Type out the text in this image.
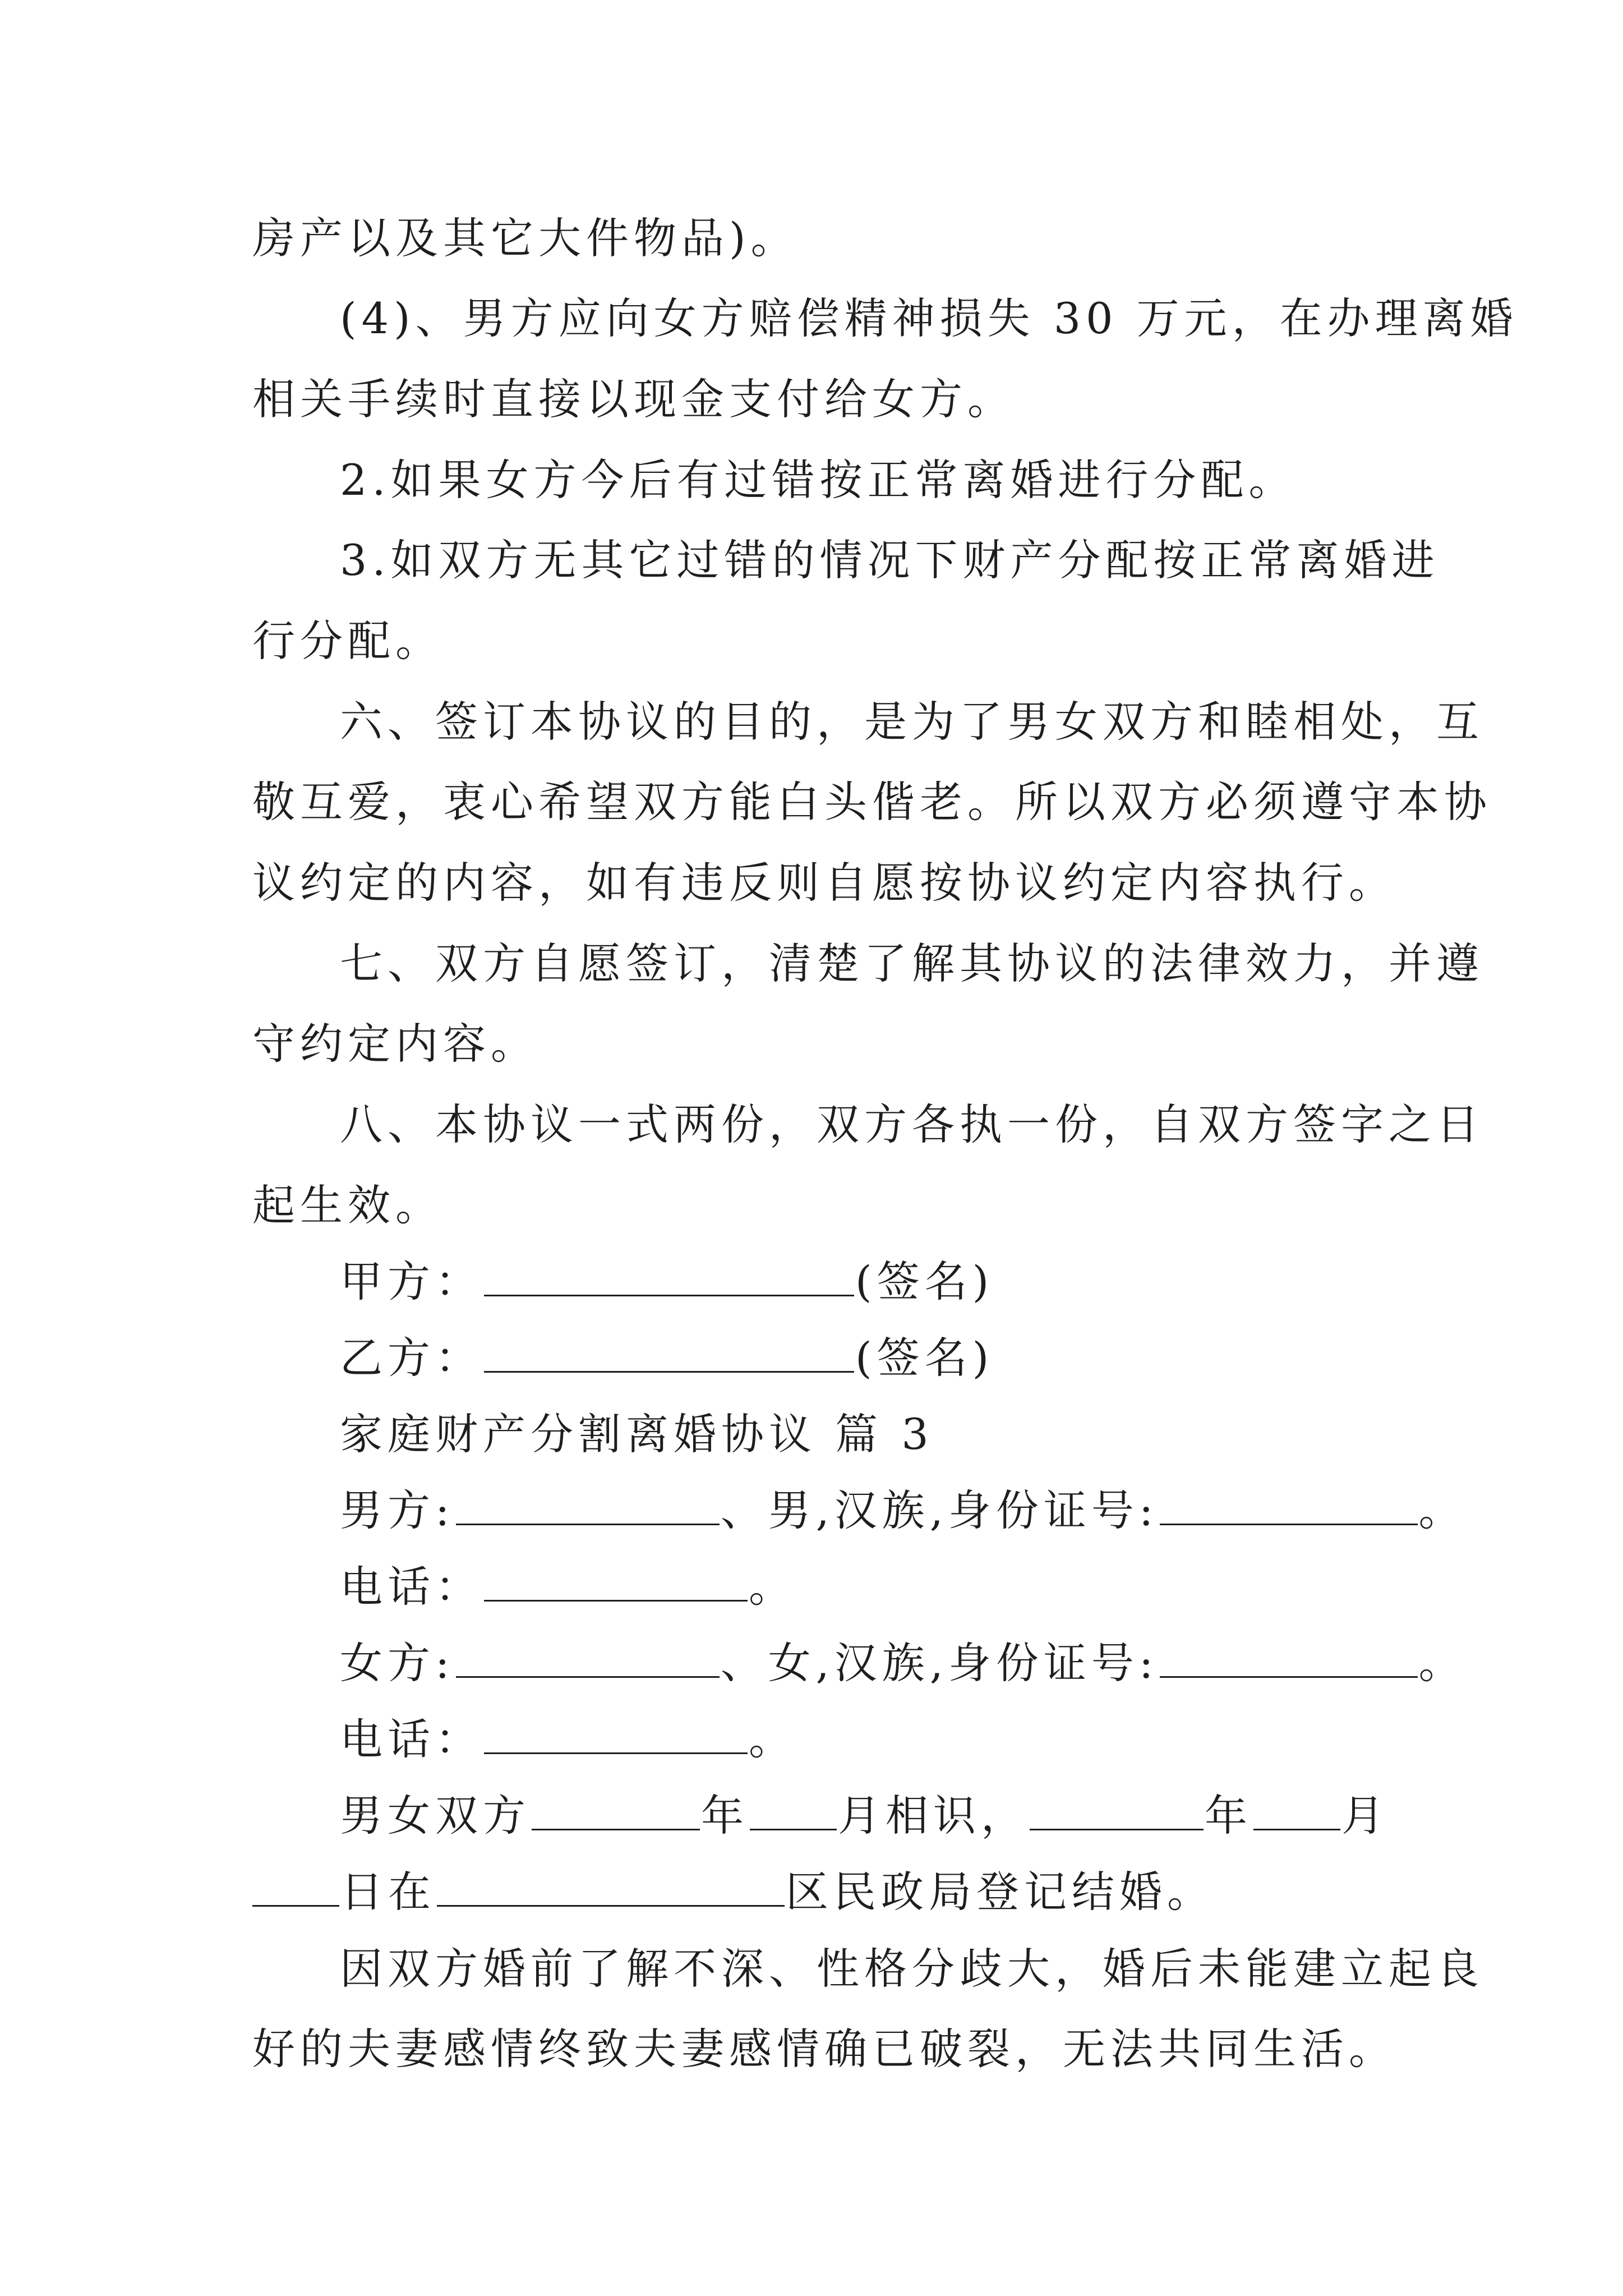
房产以及其它大件物品)。
(4)、男方应向女方赔偿精神损失 30 万元，在办理离婚
相关手续时直接以现金支付给女方。
2.如果女方今后有过错按正常离婚进行分配。
3.如双方无其它过错的情况下财产分配按正常离婚进
行分配。
六、签订本协议的目的，是为了男女双方和睦相处，互
敬互爱，衷心希望双方能白头偕老。所以双方必须遵守本协
议约定的内容，如有违反则自愿按协议约定内容执行。
七、双方自愿签订，清楚了解其协议的法律效力，并遵
守约定内容。
八、本协议一式两份，双方各执一份，自双方签字之日
起生效。
甲方：	(签名)
乙方：	(签名)
家庭财产分割离婚协议 篇 3
男方:	、男,汉族,身份证号:	。
电话：	。
女方:	、女,汉族,身份证号:	。
电话：	。
男女双方	年 月相识，	年 月
日在	区民政局登记结婚。
因双方婚前了解不深、性格分歧大，婚后未能建立起良
好的夫妻感情终致夫妻感情确已破裂，无法共同生活。
